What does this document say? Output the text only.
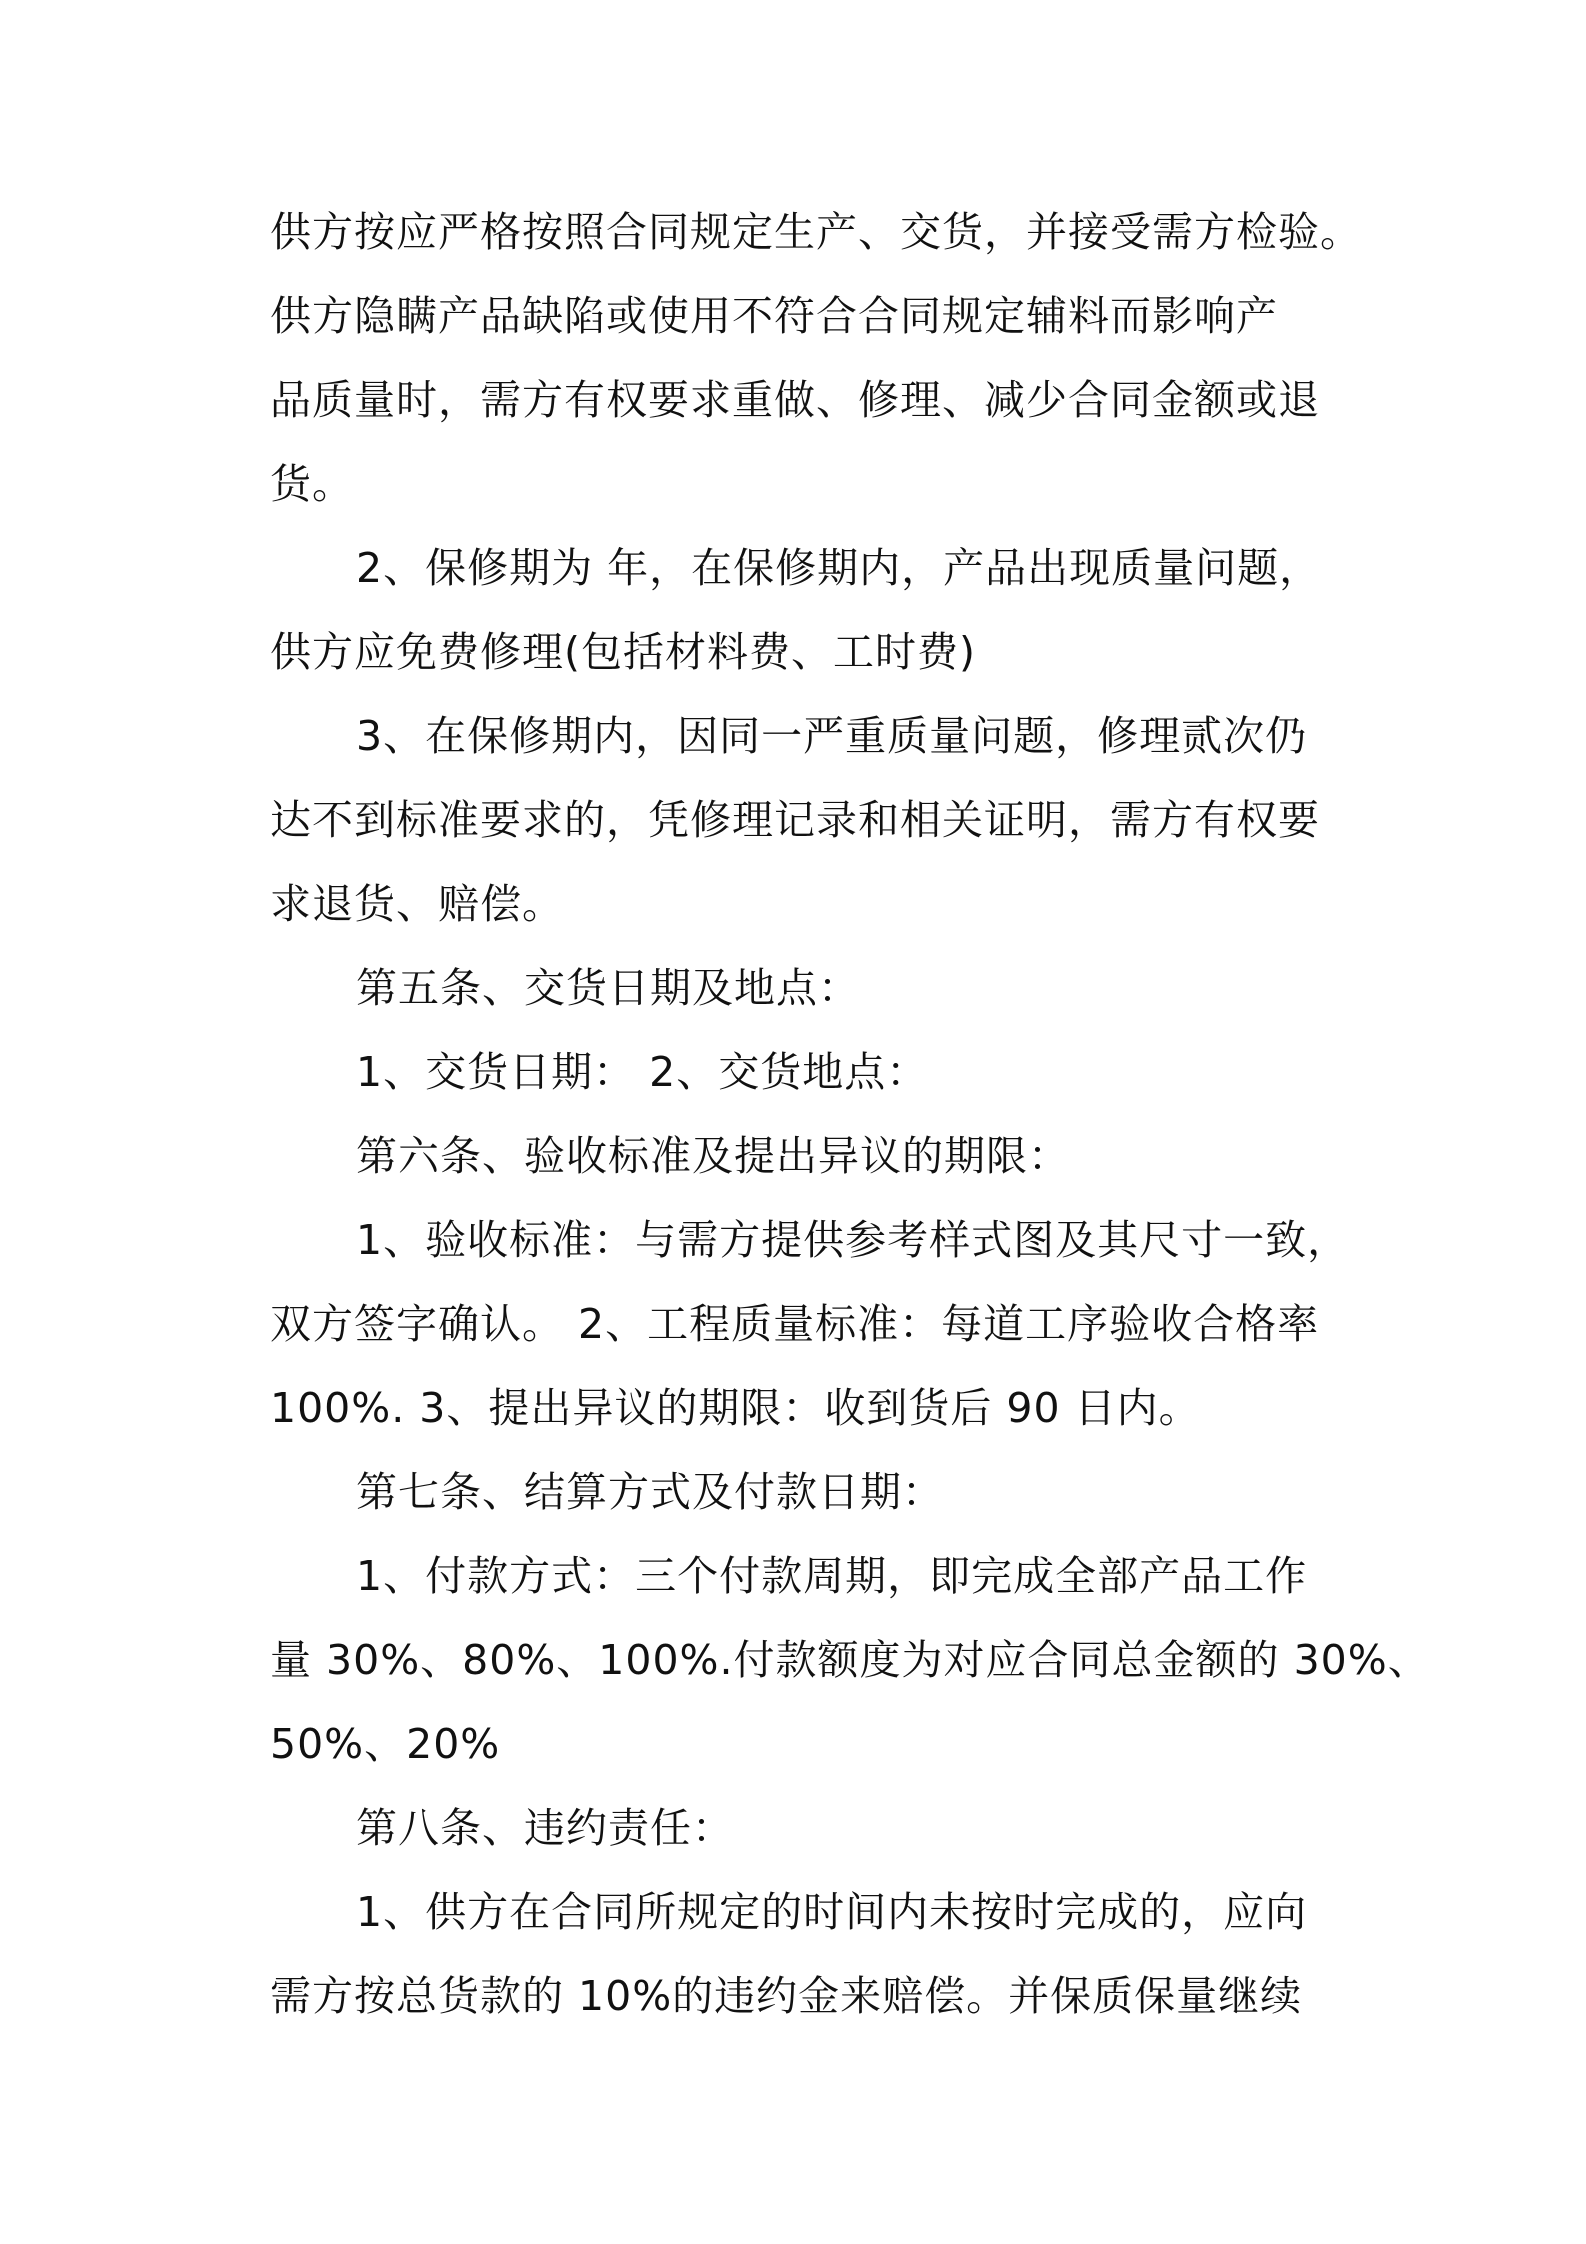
供方按应严格按照合同规定生产、交货，并接受需方检验。
供方隐瞒产品缺陷或使用不符合合同规定辅料而影响产
品质量时，需方有权要求重做、修理、减少合同金额或退
货。
2、保修期为 年，在保修期内，产品出现质量问题，
供方应免费修理(包括材料费、工时费)
3、在保修期内，因同一严重质量问题，修理贰次仍
达不到标准要求的，凭修理记录和相关证明，需方有权要
求退货、赔偿。
第五条、交货日期及地点：
1、交货日期： 2、交货地点：
第六条、验收标准及提出异议的期限：
1、验收标准：与需方提供参考样式图及其尺寸一致，
双方签字确认。 2、工程质量标准：每道工序验收合格率
100%. 3、提出异议的期限：收到货后 90 日内。
第七条、结算方式及付款日期：
1、付款方式：三个付款周期，即完成全部产品工作
量 30%、80%、100%.付款额度为对应合同总金额的 30%、
50%、20%
第八条、违约责任：
1、供方在合同所规定的时间内未按时完成的，应向
需方按总货款的 10%的违约金来赔偿。并保质保量继续
